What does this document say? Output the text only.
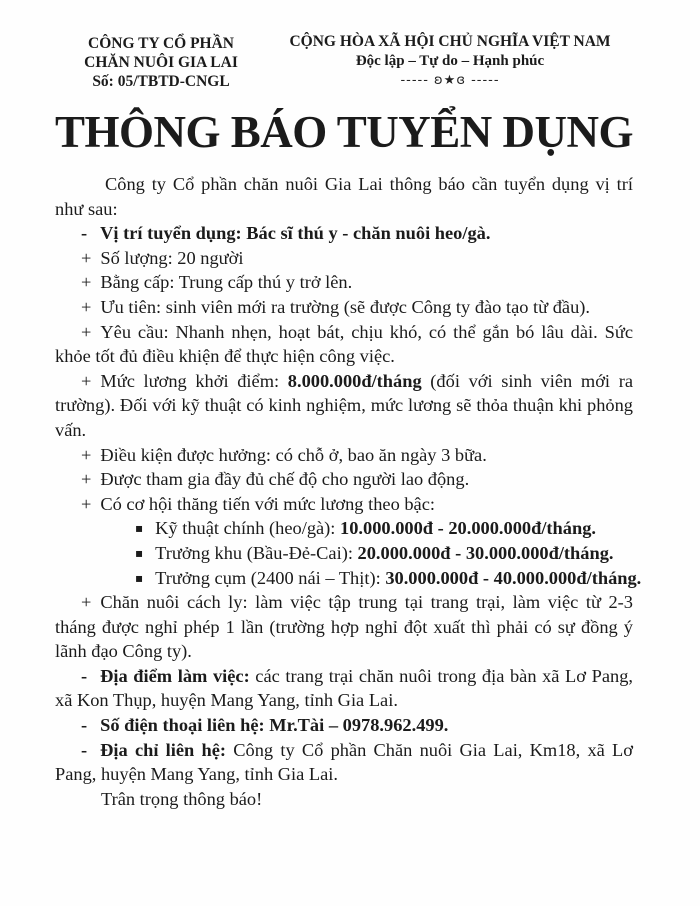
CÔNG TY CỔ PHẦN
CHĂN NUÔI GIA LAI
Số: 05/TBTD-CNGL
CỘNG HÒA XÃ HỘI CHỦ NGHĨA VIỆT NAM
Độc lập – Tự do – Hạnh phúc
----- ʚ★ɞ -----
THÔNG BÁO TUYỂN DỤNG

Công ty Cổ phần chăn nuôi Gia Lai thông báo cần tuyển dụng vị trí như sau:

- Vị trí tuyển dụng: Bác sĩ thú y - chăn nuôi heo/gà.

+ Số lượng: 20 người

+ Bằng cấp: Trung cấp thú y trở lên.

+ Ưu tiên: sinh viên mới ra trường (sẽ được Công ty đào tạo từ đầu).

+ Yêu cầu: Nhanh nhẹn, hoạt bát, chịu khó, có thể gắn bó lâu dài. Sức khỏe tốt đủ điều khiện để thực hiện công việc.

+ Mức lương khởi điểm: 8.000.000đ/tháng (đối với sinh viên mới ra trường). Đối với kỹ thuật có kinh nghiệm, mức lương sẽ thỏa thuận khi phỏng vấn.

+ Điều kiện được hưởng: có chỗ ở, bao ăn ngày 3 bữa.

+ Được tham gia đầy đủ chế độ cho người lao động.

+ Có cơ hội thăng tiến với mức lương theo bậc:

▪ Kỹ thuật chính (heo/gà): 10.000.000đ - 20.000.000đ/tháng.

▪ Trưởng khu (Bầu-Đẻ-Cai): 20.000.000đ - 30.000.000đ/tháng.

▪ Trưởng cụm (2400 nái – Thịt): 30.000.000đ - 40.000.000đ/tháng.

+ Chăn nuôi cách ly: làm việc tập trung tại trang trại, làm việc từ 2-3 tháng được nghỉ phép 1 lần (trường hợp nghỉ đột xuất thì phải có sự đồng ý lãnh đạo Công ty).

- Địa điểm làm việc: các trang trại chăn nuôi trong địa bàn xã Lơ Pang, xã Kon Thụp, huyện Mang Yang, tỉnh Gia Lai.

- Số điện thoại liên hệ: Mr.Tài – 0978.962.499.

- Địa chỉ liên hệ: Công ty Cổ phần Chăn nuôi Gia Lai, Km18, xã Lơ Pang, huyện Mang Yang, tỉnh Gia Lai.

Trân trọng thông báo!
